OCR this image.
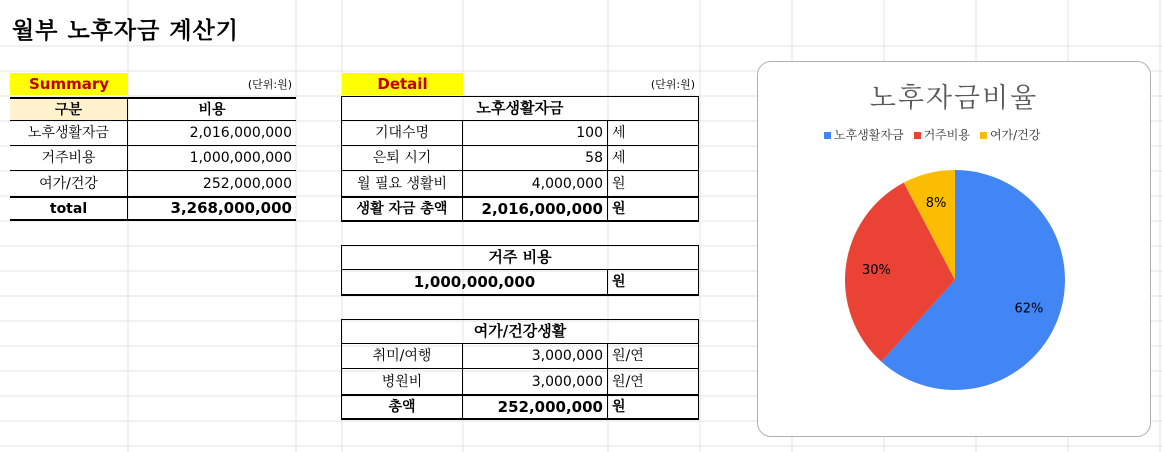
월부 노후자금 계산기
Summary	(단위:원)
구분	비용
노후생활자금	2,016,000,000
거주비용	1,000,000,000
여가/건강	252,000,000
total	3,268,000,000
Detail	(단위:원)
노후생활자금
기대수명	100 세
은퇴 시기	58 세
월 필요 생활비	4,000,000 원
생활 자금 총액	2,016,000,000 원
거주 비용
1,000,000,000	원
여가/건강생활
취미/여행	3,000,000 원/연
병원비	3,000,000 원/연
총액	252,000,000 원
노후자금비율
노후생활자금	거주비용	여가/건강
62%
30%
8%
